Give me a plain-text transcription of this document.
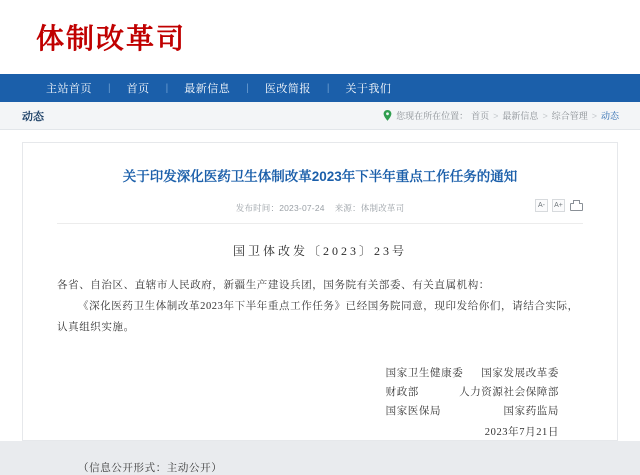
体制改革司
主站首页	|	首页	|	最新信息	|	医改简报	|	关于我们
动态	您现在所在位置： 首页 > 最新信息 > 综合管理 > 动态
关于印发深化医药卫生体制改革2023年下半年重点工作任务的通知
发布时间： 2023-07-24 来源： 体制改革司	A-	A+
国卫体改发〔2023〕23号

各省、自治区、直辖市人民政府，新疆生产建设兵团，国务院有关部委、有关直属机构：

《深化医药卫生体制改革2023年下半年重点工作任务》已经国务院同意，现印发给你们，请结合实际，认真组织实施。

国家卫生健康委 国家发展改革委
财政部	人力资源社会保障部
国家医保局	国家药监局
2023年7月21日
（信息公开形式：主动公开）
